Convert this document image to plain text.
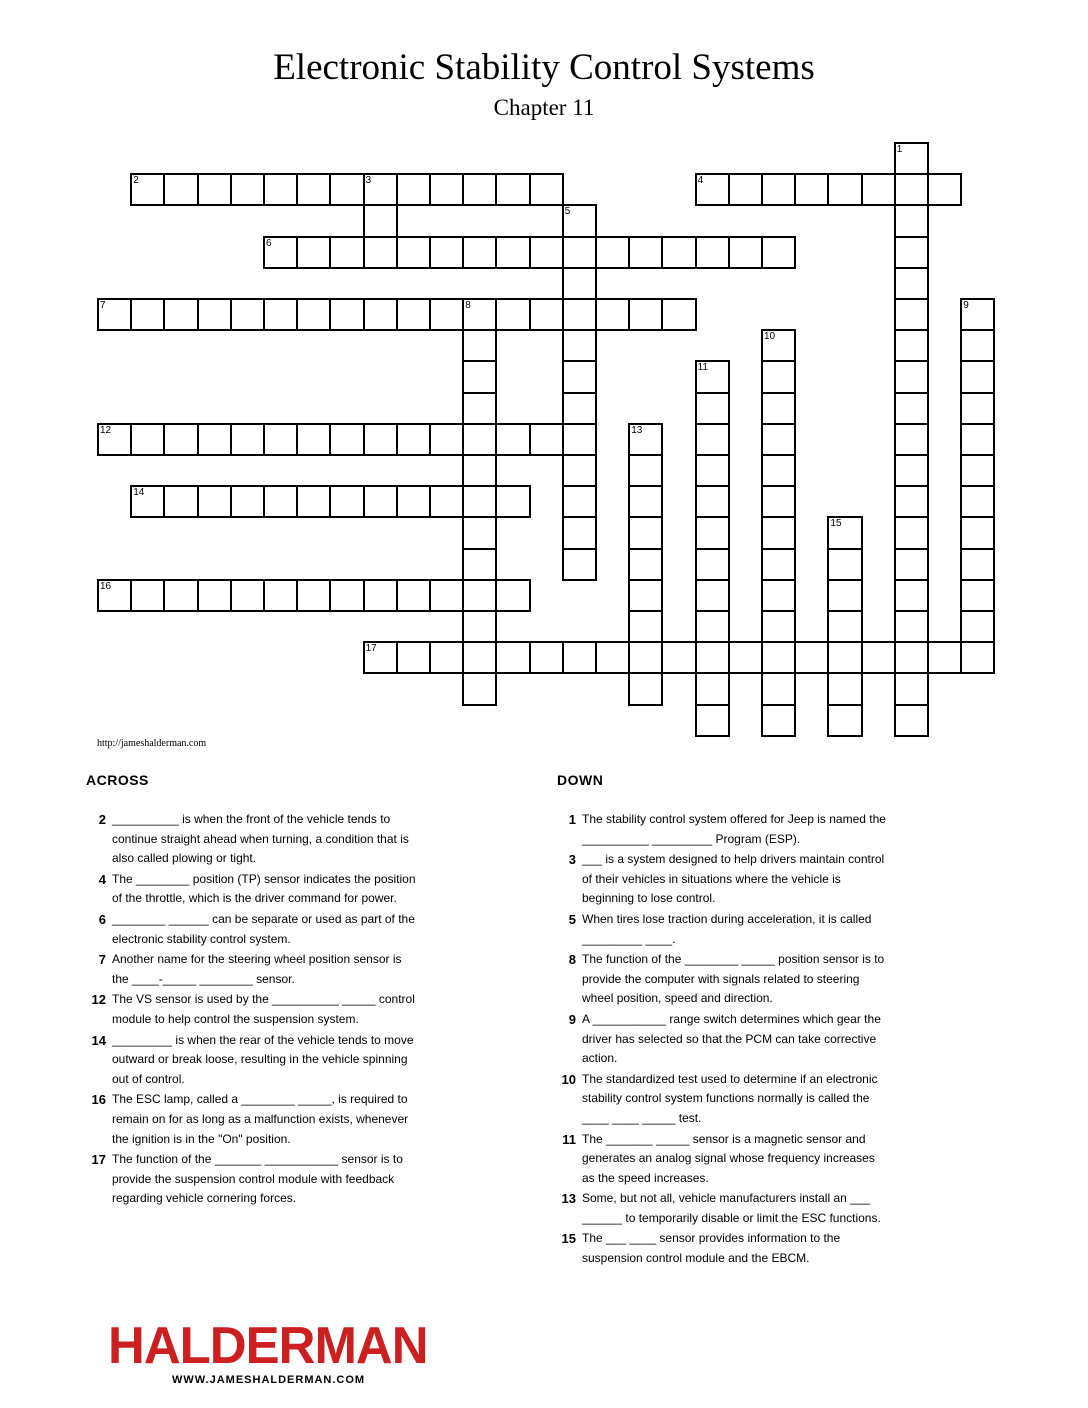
Electronic Stability Control Systems
Chapter 11
1
2	3	4
5
6
7	8	9
10
11
12	13
14
15
16
17
http://jameshalderman.com
ACROSS	DOWN
2 __________ is when the front of the vehicle tends to continue straight ahead when turning, a condition that is also called plowing or tight.
4 The ________ position (TP) sensor indicates the position of the throttle, which is the driver command for power.
6 ________ ______ can be separate or used as part of the electronic stability control system.
7 Another name for the steering wheel position sensor is the ____-_____ ________ sensor.
12 The VS sensor is used by the __________ _____ control module to help control the suspension system.
14 _________ is when the rear of the vehicle tends to move outward or break loose, resulting in the vehicle spinning out of control.
16 The ESC lamp, called a ________ _____, is required to remain on for as long as a malfunction exists, whenever the ignition is in the "On" position.
17 The function of the _______ ___________ sensor is to provide the suspension control module with feedback regarding vehicle cornering forces.
1 The stability control system offered for Jeep is named the __________ _________ Program (ESP).
3 ___ is a system designed to help drivers maintain control of their vehicles in situations where the vehicle is beginning to lose control.
5 When tires lose traction during acceleration, it is called _________ ____.
8 The function of the ________ _____ position sensor is to provide the computer with signals related to steering wheel position, speed and direction.
9 A ___________ range switch determines which gear the driver has selected so that the PCM can take corrective action.
10 The standardized test used to determine if an electronic stability control system functions normally is called the ____ ____ _____ test.
11 The _______ _____ sensor is a magnetic sensor and generates an analog signal whose frequency increases as the speed increases.
13 Some, but not all, vehicle manufacturers install an ___ ______ to temporarily disable or limit the ESC functions.
15 The ___ ____ sensor provides information to the suspension control module and the EBCM.
HALDERMAN
WWW.JAMESHALDERMAN.COM
